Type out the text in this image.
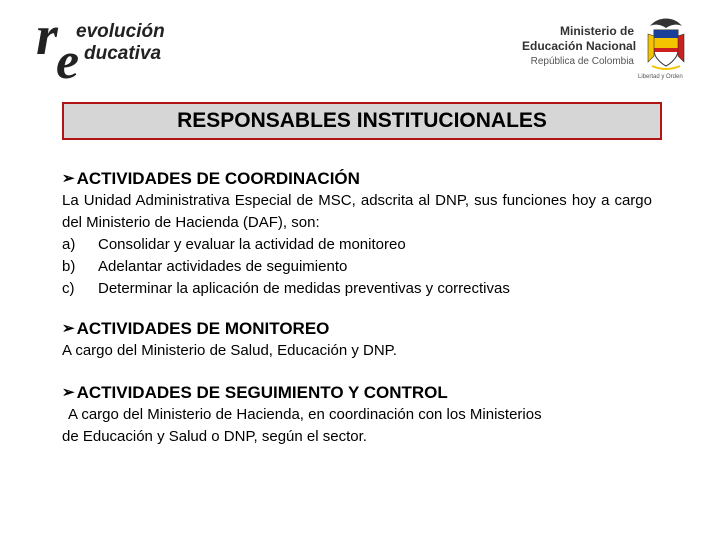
r evolución
e ducativa
Ministerio de
Educación Nacional
República de Colombia
Libertad y Orden
RESPONSABLES INSTITUCIONALES
➢ ACTIVIDADES DE COORDINACIÓN
La Unidad Administrativa Especial de MSC, adscrita al DNP, sus funciones hoy a cargo del Ministerio de Hacienda (DAF), son:
a)	Consolidar y evaluar la actividad de monitoreo
b)	Adelantar actividades de seguimiento
c)	Determinar la aplicación de medidas preventivas y correctivas
➢ ACTIVIDADES DE MONITOREO
A cargo del Ministerio de Salud, Educación y DNP.
➢ ACTIVIDADES DE SEGUIMIENTO Y CONTROL
A cargo del Ministerio de Hacienda, en coordinación con los Ministerios
de Educación y Salud o DNP, según el sector.
